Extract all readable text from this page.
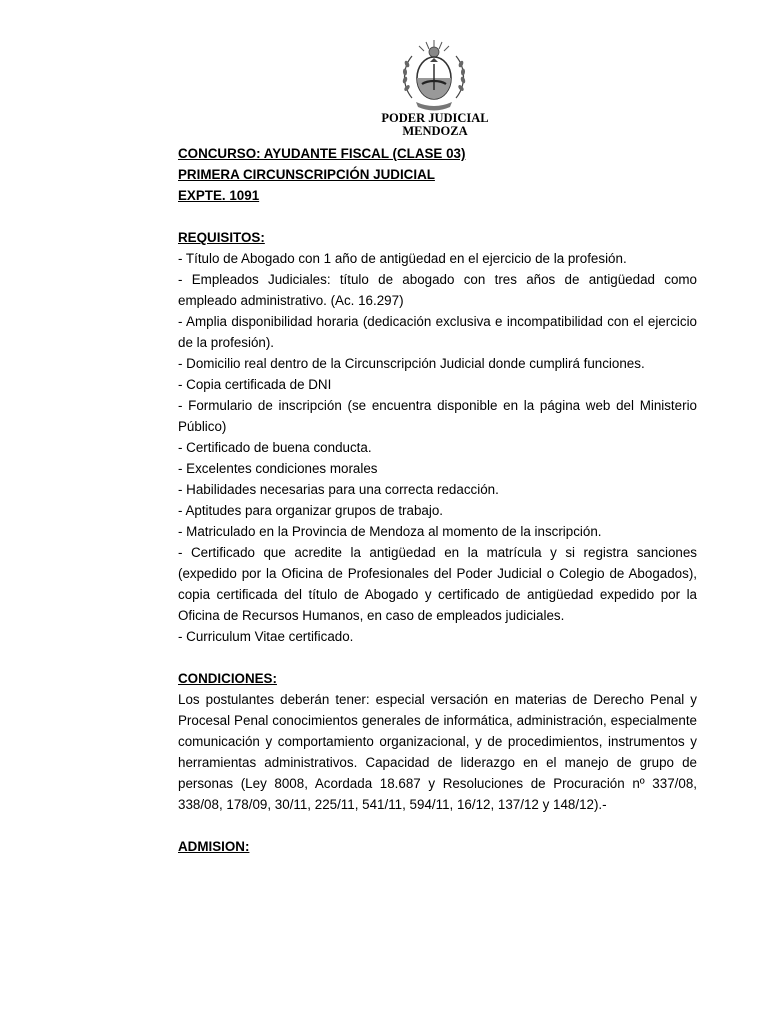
PODER JUDICIAL
MENDOZA
CONCURSO: AYUDANTE FISCAL (CLASE 03)
PRIMERA CIRCUNSCRIPCIÓN JUDICIAL
EXPTE. 1091
REQUISITOS:

- Título de Abogado con 1 año de antigüedad en el ejercicio de la profesión.

- Empleados Judiciales: título de abogado con tres años de antigüedad como empleado administrativo. (Ac. 16.297)

- Amplia disponibilidad horaria (dedicación exclusiva e incompatibilidad con el ejercicio de la profesión).

- Domicilio real dentro de la Circunscripción Judicial donde cumplirá funciones.

- Copia certificada de DNI

- Formulario de inscripción (se encuentra disponible en la página web del Ministerio Público)

- Certificado de buena conducta.

- Excelentes condiciones morales

- Habilidades necesarias para una correcta redacción.

- Aptitudes para organizar grupos de trabajo.

- Matriculado en la Provincia de Mendoza al momento de la inscripción.

- Certificado que acredite la antigüedad en la matrícula y si registra sanciones (expedido por la Oficina de Profesionales del Poder Judicial o Colegio de Abogados), copia certificada del título de Abogado y certificado de antigüedad expedido por la Oficina de Recursos Humanos, en caso de empleados judiciales.

- Curriculum Vitae certificado.

CONDICIONES:

Los postulantes deberán tener: especial versación en materias de Derecho Penal y Procesal Penal conocimientos generales de informática, administración, especialmente comunicación y comportamiento organizacional, y de procedimientos, instrumentos y herramientas administrativos. Capacidad de liderazgo en el manejo de grupo de personas (Ley 8008, Acordada 18.687 y Resoluciones de Procuración nº 337/08, 338/08, 178/09, 30/11, 225/11, 541/11, 594/11, 16/12, 137/12 y 148/12).-

ADMISION:
